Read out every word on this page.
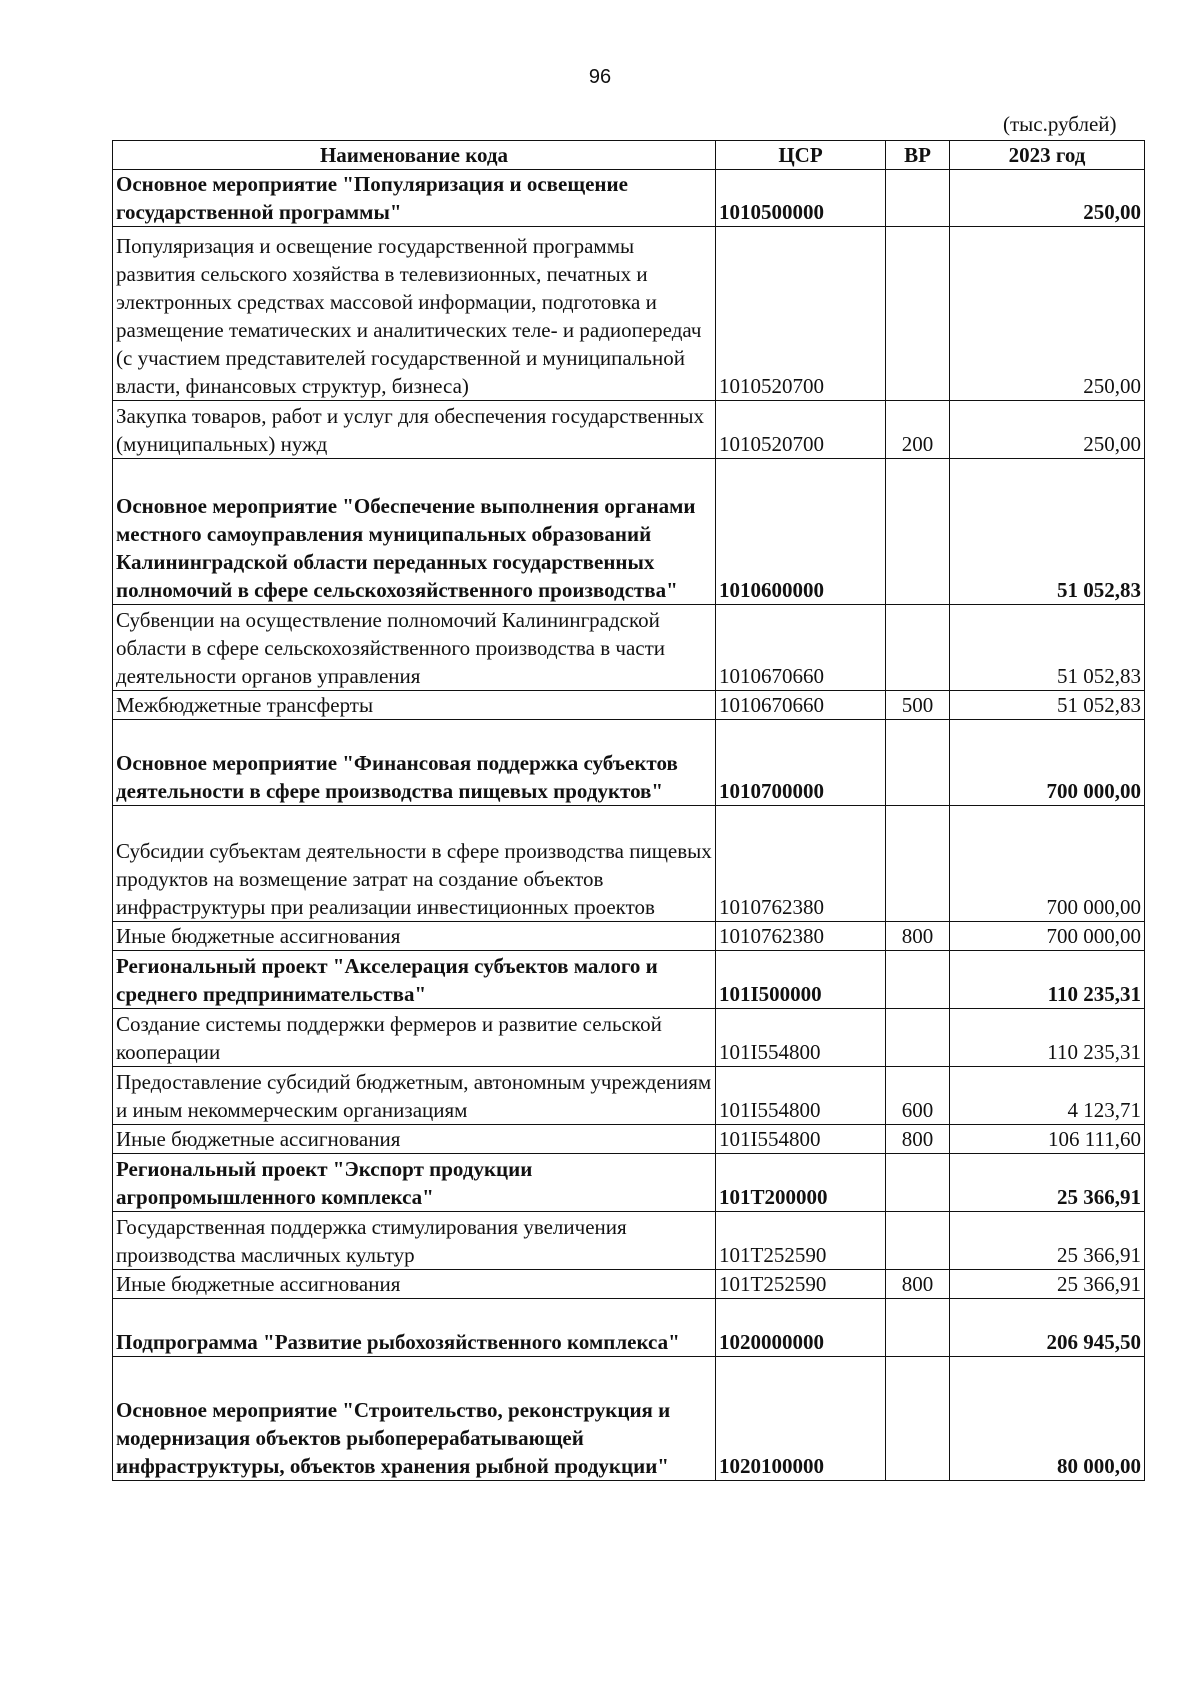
96
(тыс.рублей)
Наименование кода	ЦСР	ВР	2023 год
Основное мероприятие "Популяризация и освещение государственной программы"	1010500000		250,00
Популяризация и освещение государственной программы развития сельского хозяйства в телевизионных, печатных и электронных средствах массовой информации, подготовка и размещение тематических и аналитических теле- и радиопередач (с участием представителей государственной и муниципальной власти, финансовых структур, бизнеса)	1010520700		250,00
Закупка товаров, работ и услуг для обеспечения государственных (муниципальных) нужд	1010520700	200	250,00
Основное мероприятие "Обеспечение выполнения органами местного самоуправления муниципальных образований Калининградской области переданных государственных полномочий в сфере сельскохозяйственного производства"	1010600000		51 052,83
Субвенции на осуществление полномочий Калининградской области в сфере сельскохозяйственного производства в части деятельности органов управления	1010670660		51 052,83
Межбюджетные трансферты	1010670660	500	51 052,83
Основное мероприятие "Финансовая поддержка субъектов деятельности в сфере производства пищевых продуктов"	1010700000		700 000,00
Субсидии субъектам деятельности в сфере производства пищевых продуктов на возмещение затрат на создание объектов инфраструктуры при реализации инвестиционных проектов	1010762380		700 000,00
Иные бюджетные ассигнования	1010762380	800	700 000,00
Региональный проект "Акселерация субъектов малого и среднего предпринимательства"	101I500000		110 235,31
Создание системы поддержки фермеров и развитие сельской кооперации	101I554800		110 235,31
Предоставление субсидий бюджетным, автономным учреждениям и иным некоммерческим организациям	101I554800	600	4 123,71
Иные бюджетные ассигнования	101I554800	800	106 111,60
Региональный проект "Экспорт продукции агропромышленного комплекса"	101T200000		25 366,91
Государственная поддержка стимулирования увеличения производства масличных культур	101T252590		25 366,91
Иные бюджетные ассигнования	101T252590	800	25 366,91
Подпрограмма "Развитие рыбохозяйственного комплекса"	1020000000		206 945,50
Основное мероприятие "Строительство, реконструкция и модернизация объектов рыбоперерабатывающей инфраструктуры, объектов хранения рыбной продукции"	1020100000		80 000,00
